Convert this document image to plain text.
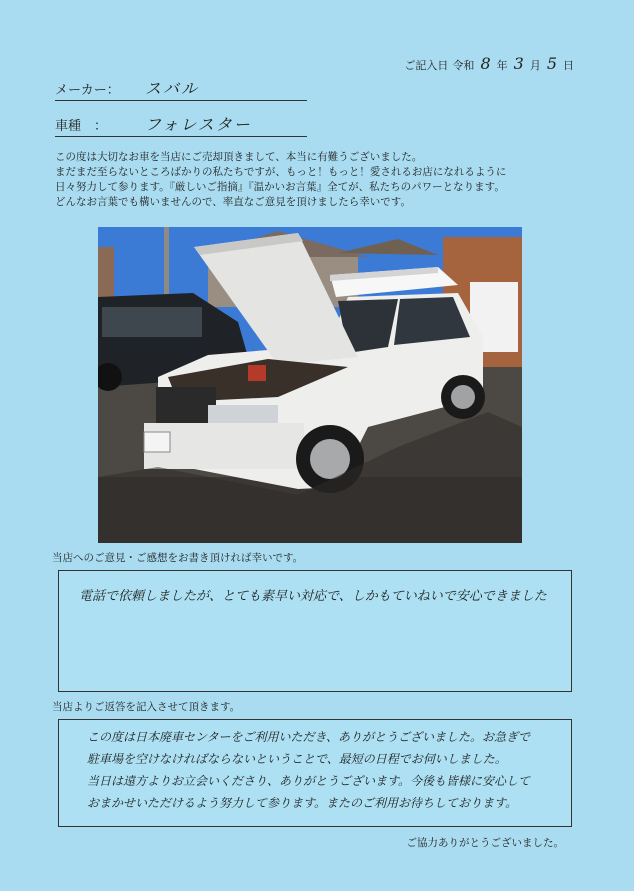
ご記入日 令和 8 年 3 月 5 日
メーカー：	スバル
車種　：	フォレスター

この度は大切なお車を当店にご売却頂きまして、本当に有難うございました。

まだまだ至らないところばかりの私たちですが、もっと！もっと！愛されるお店になれるように

日々努力して参ります。『厳しいご指摘』『温かいお言葉』全てが、私たちのパワーとなります。

どんなお言葉でも構いませんので、率直なご意見を頂けましたら幸いです。

当店へのご意見・ご感想をお書き頂ければ幸いです。
電話で依頼しましたが、とても素早い対応で、しかもていねいで安心できました
当店よりご返答を記入させて頂きます。
この度は日本廃車センターをご利用いただき、ありがとうございました。お急ぎで
駐車場を空けなければならないということで、最短の日程でお伺いしました。
当日は遠方よりお立会いくださり、ありがとうございます。今後も皆様に安心して
おまかせいただけるよう努力して参ります。またのご利用お待ちしております。
ご協力ありがとうございました。
